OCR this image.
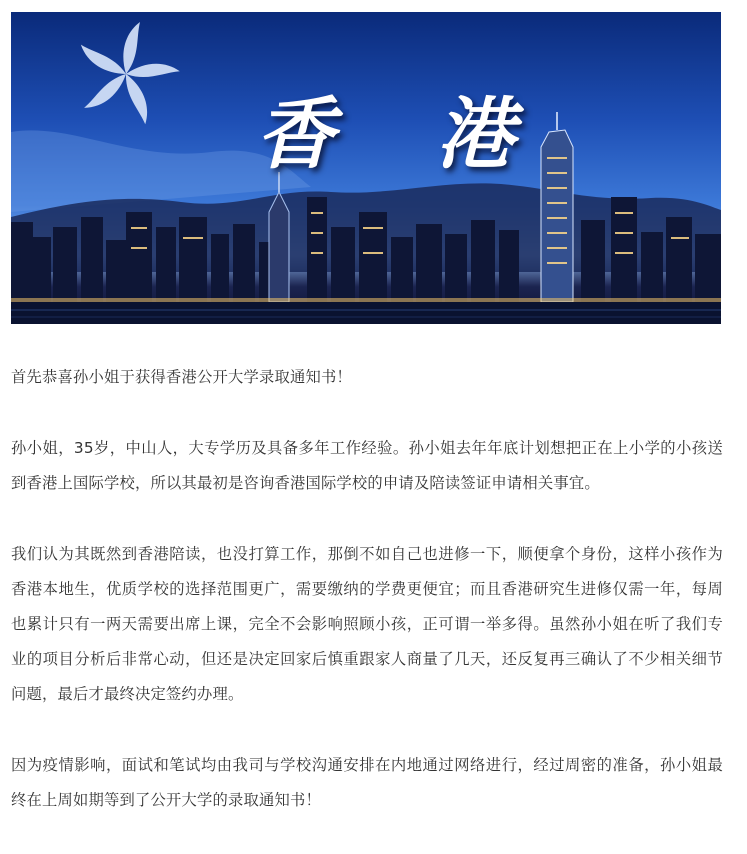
香 港

首先恭喜孙小姐于获得香港公开大学录取通知书！

孙小姐，35岁，中山人，大专学历及具备多年工作经验。孙小姐去年年底计划想把正在上小学的小孩送到香港上国际学校，所以其最初是咨询香港国际学校的申请及陪读签证申请相关事宜。

我们认为其既然到香港陪读，也没打算工作，那倒不如自己也进修一下，顺便拿个身份，这样小孩作为香港本地生，优质学校的选择范围更广，需要缴纳的学费更便宜；而且香港研究生进修仅需一年，每周也累计只有一两天需要出席上课，完全不会影响照顾小孩，正可谓一举多得。虽然孙小姐在听了我们专业的项目分析后非常心动，但还是决定回家后慎重跟家人商量了几天，还反复再三确认了不少相关细节问题，最后才最终决定签约办理。

因为疫情影响，面试和笔试均由我司与学校沟通安排在内地通过网络进行，经过周密的准备，孙小姐最终在上周如期等到了公开大学的录取通知书！
